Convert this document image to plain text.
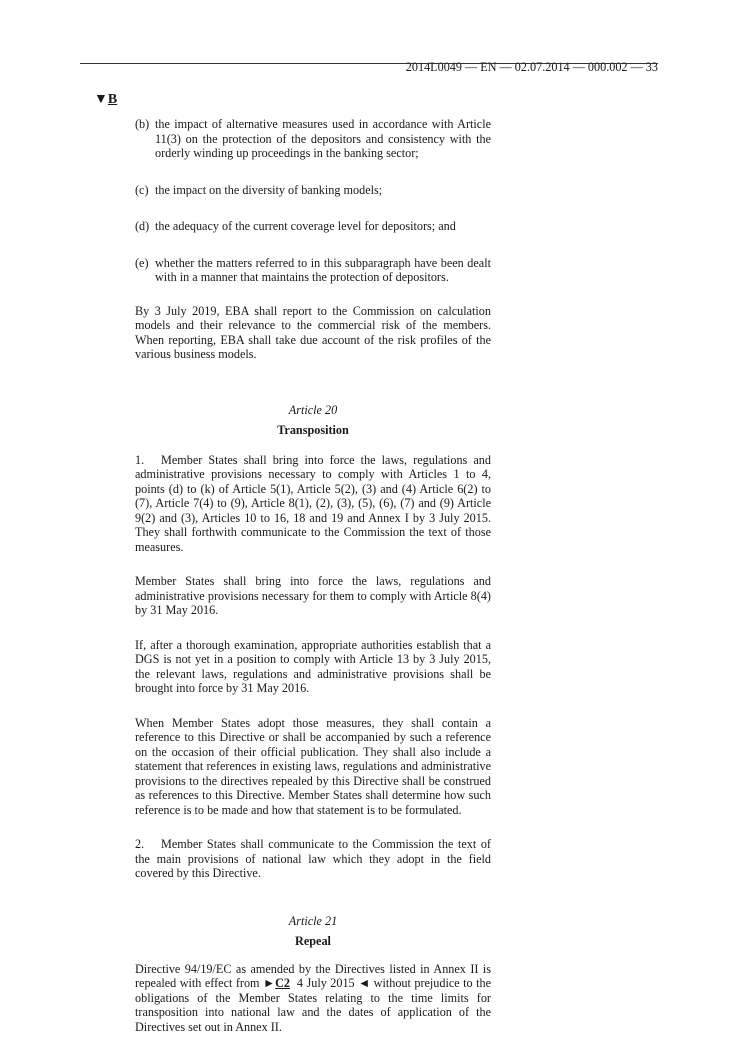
2014L0049 — EN — 02.07.2014 — 000.002 — 33
▼B
(b) the impact of alternative measures used in accordance with Article 11(3) on the protection of the depositors and consistency with the orderly winding up proceedings in the banking sector;
(c) the impact on the diversity of banking models;
(d) the adequacy of the current coverage level for depositors; and
(e) whether the matters referred to in this subparagraph have been dealt with in a manner that maintains the protection of depositors.
By 3 July 2019, EBA shall report to the Commission on calculation models and their relevance to the commercial risk of the members. When reporting, EBA shall take due account of the risk profiles of the various business models.
Article 20
Transposition
1. Member States shall bring into force the laws, regulations and administrative provisions necessary to comply with Articles 1 to 4, points (d) to (k) of Article 5(1), Article 5(2), (3) and (4) Article 6(2) to (7), Article 7(4) to (9), Article 8(1), (2), (3), (5), (6), (7) and (9) Article 9(2) and (3), Articles 10 to 16, 18 and 19 and Annex I by 3 July 2015. They shall forthwith communicate to the Commission the text of those measures.
Member States shall bring into force the laws, regulations and administrative provisions necessary for them to comply with Article 8(4) by 31 May 2016.
If, after a thorough examination, appropriate authorities establish that a DGS is not yet in a position to comply with Article 13 by 3 July 2015, the relevant laws, regulations and administrative provisions shall be brought into force by 31 May 2016.
When Member States adopt those measures, they shall contain a reference to this Directive or shall be accompanied by such a reference on the occasion of their official publication. They shall also include a statement that references in existing laws, regulations and administrative provisions to the directives repealed by this Directive shall be construed as references to this Directive. Member States shall determine how such reference is to be made and how that statement is to be formulated.
2. Member States shall communicate to the Commission the text of the main provisions of national law which they adopt in the field covered by this Directive.
Article 21
Repeal
Directive 94/19/EC as amended by the Directives listed in Annex II is repealed with effect from ►C2 4 July 2015 ◄ without prejudice to the obligations of the Member States relating to the time limits for transposition into national law and the dates of application of the Directives set out in Annex II.
